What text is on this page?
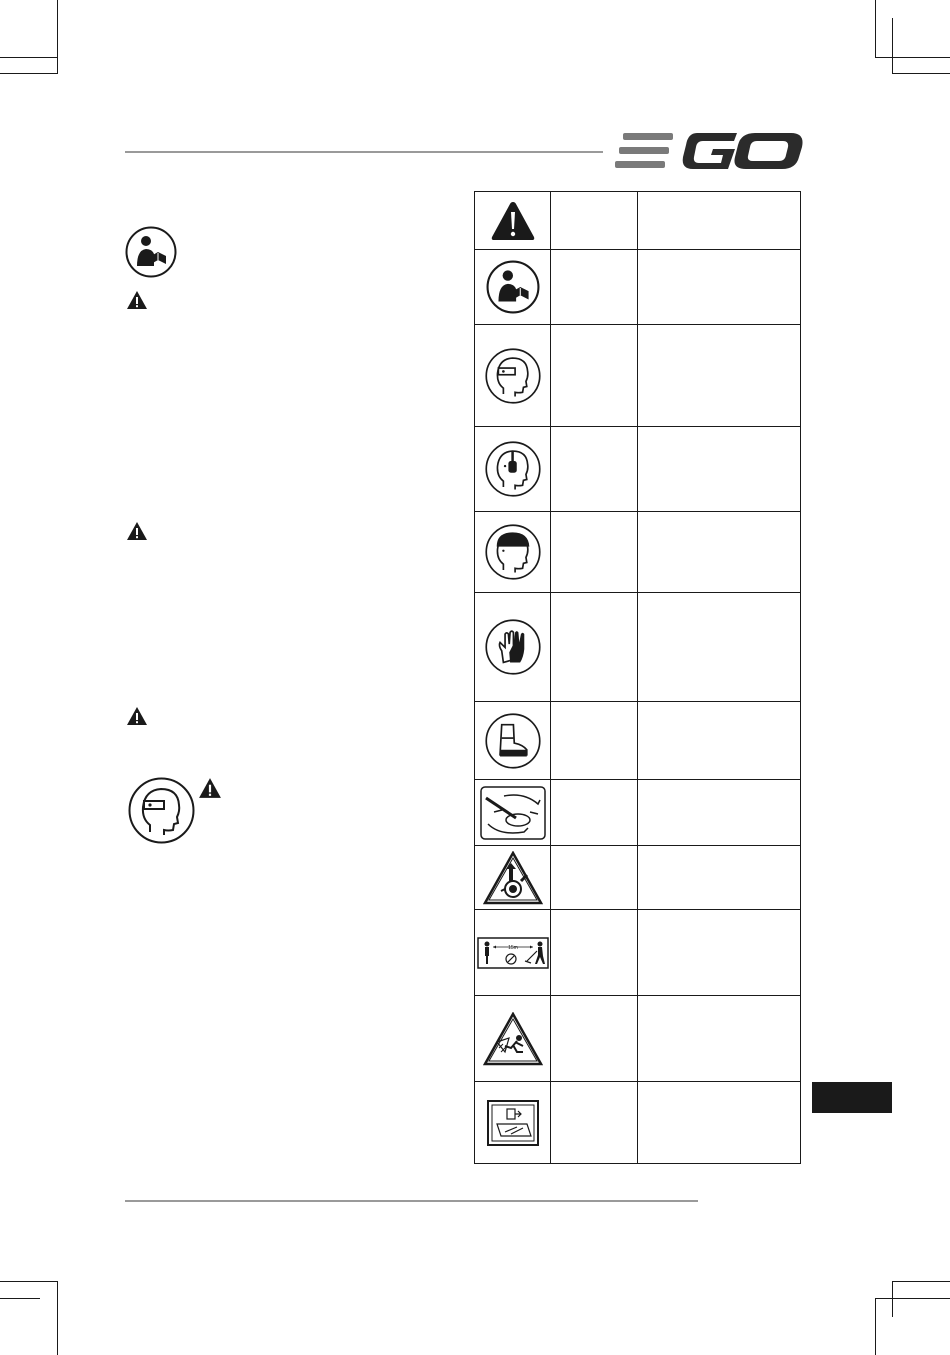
15m		
